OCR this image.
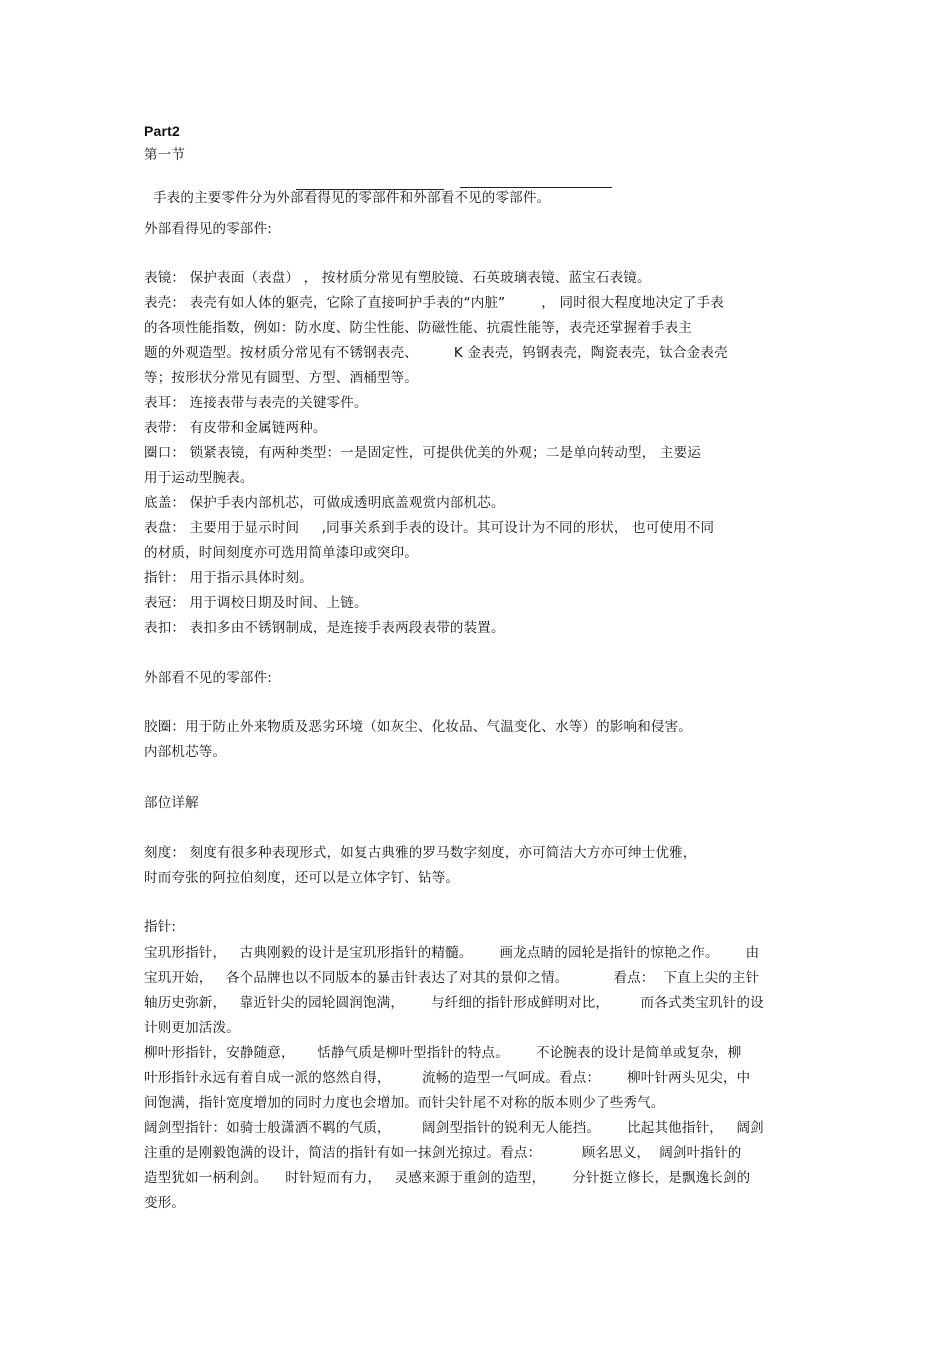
Part2
第一节

手表的主要零件分为外部看得见的零部件和外部看不见的零部件。

外部看得见的零部件:
表镜： 保护表面（表盘） ， 按材质分常见有塑胶镜、石英玻璃表镜、蓝宝石表镜。
表壳： 表壳有如人体的躯壳，它除了直接呵护手表的“内脏”        ， 同时很大程度地决定了手表
的各项性能指数，例如：防水度、防尘性能、防磁性能、抗震性能等，表壳还掌握着手表主
题的外观造型。按材质分常见有不锈钢表壳、        K 金表壳，钨钢表壳，陶瓷表壳，钛合金表壳
等；按形状分常见有圆型、方型、酒桶型等。
表耳： 连接表带与表壳的关键零件。
表带： 有皮带和金属链两种。
圈口： 锁紧表镜，有两种类型：一是固定性，可提供优美的外观；二是单向转动型， 主要运
用于运动型腕表。
底盖： 保护手表内部机芯，可做成透明底盖观赏内部机芯。
表盘： 主要用于显示时间     ,同事关系到手表的设计。其可设计为不同的形状， 也可使用不同
的材质，时间刻度亦可选用简单漆印或突印。
指针： 用于指示具体时刻。
表冠： 用于调校日期及时间、上链。
表扣： 表扣多由不锈钢制成，是连接手表两段表带的装置。
外部看不见的零部件:
胶圈：用于防止外来物质及恶劣环境（如灰尘、化妆品、气温变化、水等）的影响和侵害。
内部机芯等。
部位详解
刻度： 刻度有很多种表现形式，如复古典雅的罗马数字刻度，亦可简洁大方亦可绅士优雅，
时而夸张的阿拉伯刻度，还可以是立体字钉、钻等。
指针:
宝玑形指针，   古典刚毅的设计是宝玑形指针的精髓。      画龙点睛的园轮是指针的惊艳之作。      由
宝玑开始，   各个品牌也以不同版本的暴击针表达了对其的景仰之情。          看点：  下直上尖的主针
轴历史弥新，   靠近针尖的园轮圆润饱满，      与纤细的指针形成鲜明对比，       而各式类宝玑针的设
计则更加活泼。
柳叶形指针，安静随意，     恬静气质是柳叶型指针的特点。      不论腕表的设计是简单或复杂，柳
叶形指针永远有着自成一派的悠然自得，       流畅的造型一气呵成。看点：      柳叶针两头见尖，中
间饱满，指针宽度增加的同时力度也会增加。而针尖针尾不对称的版本则少了些秀气。
阔剑型指针：如骑士般潇洒不羁的气质，       阔剑型指针的锐利无人能挡。      比起其他指针，   阔剑
注重的是刚毅饱满的设计，简洁的指针有如一抹剑光掠过。看点：         顾名思义，  阔剑叶指针的
造型犹如一柄利剑。    时针短而有力，   灵感来源于重剑的造型，      分针挺立修长，是飘逸长剑的
变形。
